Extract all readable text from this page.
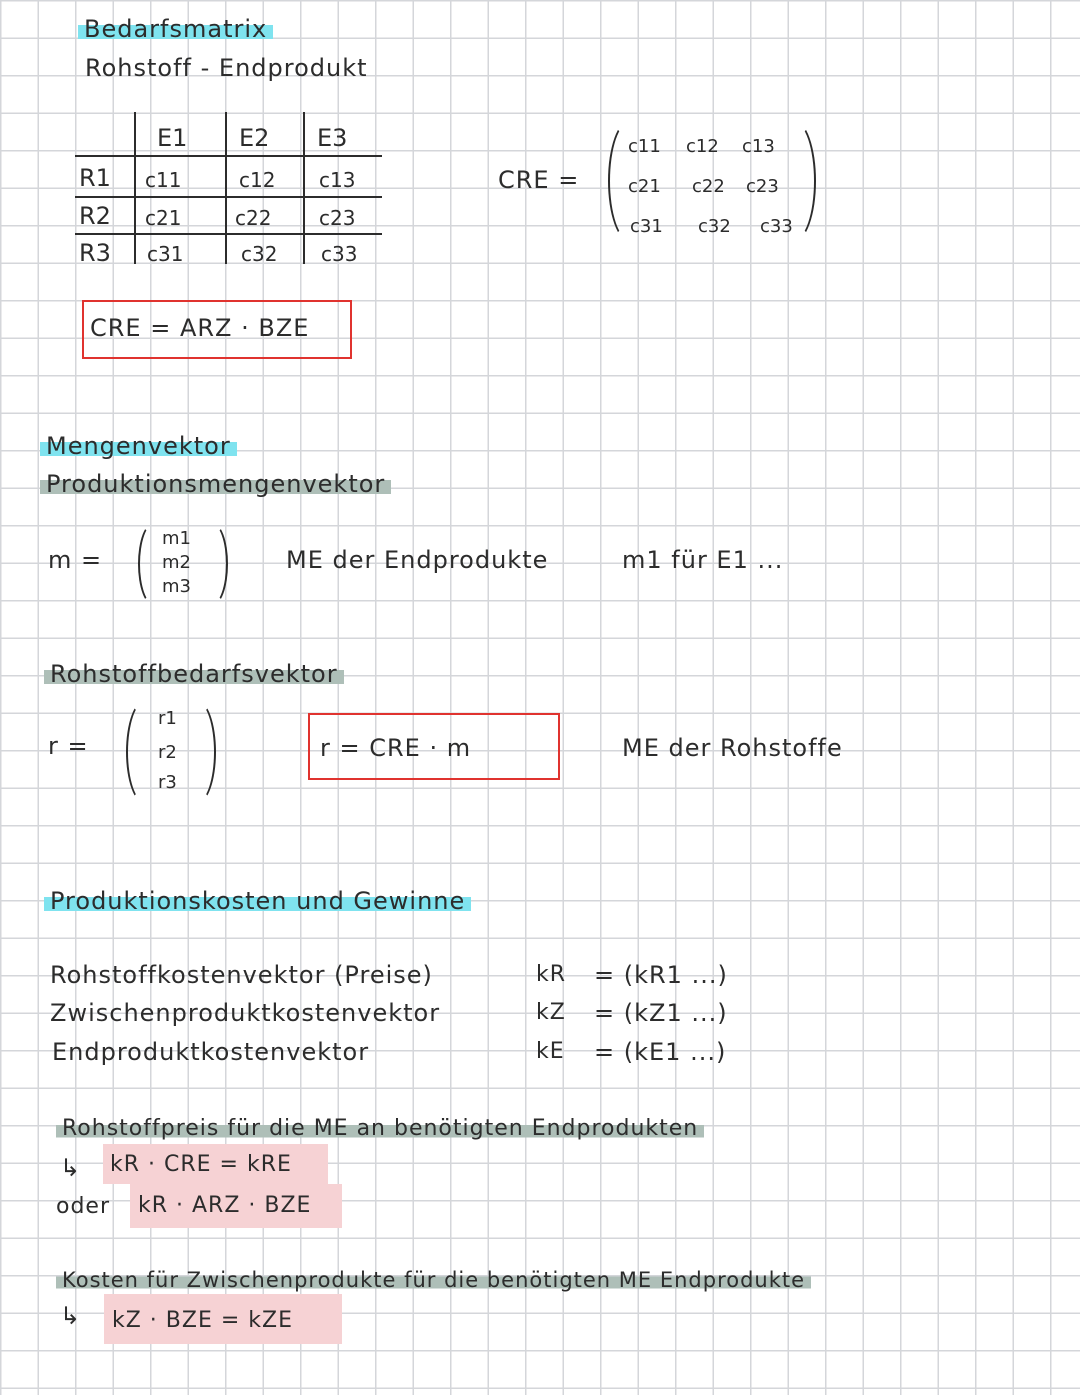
Bedarfsmatrix
Rohstoff - Endprodukt
E1 E2 E3
R1 c11	c12 c13
R2 c21	c22 c23
R3 c31	c32 c33
CRE =
c11 c12 c13
c21 c22 c23
c31 c32 c33
CRE = ARZ · BZE
Mengenvektor
Produktionsmengenvektor
m =
m1
m2
m3
ME der Endprodukte	m1 für E1 ...
Rohstoffbedarfsvektor
r =
r1
r2
r3
r = CRE · m	ME der Rohstoffe
Produktionskosten und Gewinne
Rohstoffkostenvektor (Preise)	kR = (kR1 ...)
Zwischenproduktkostenvektor	kZ = (kZ1 ...)
Endproduktkostenvektor	kE = (kE1 ...)
Rohstoffpreis für die ME an benötigten Endprodukten
↳ kR · CRE = kRE
oder kR · ARZ · BZE
Kosten für Zwischenprodukte für die benötigten ME Endprodukte
↳ kZ · BZE = kZE
